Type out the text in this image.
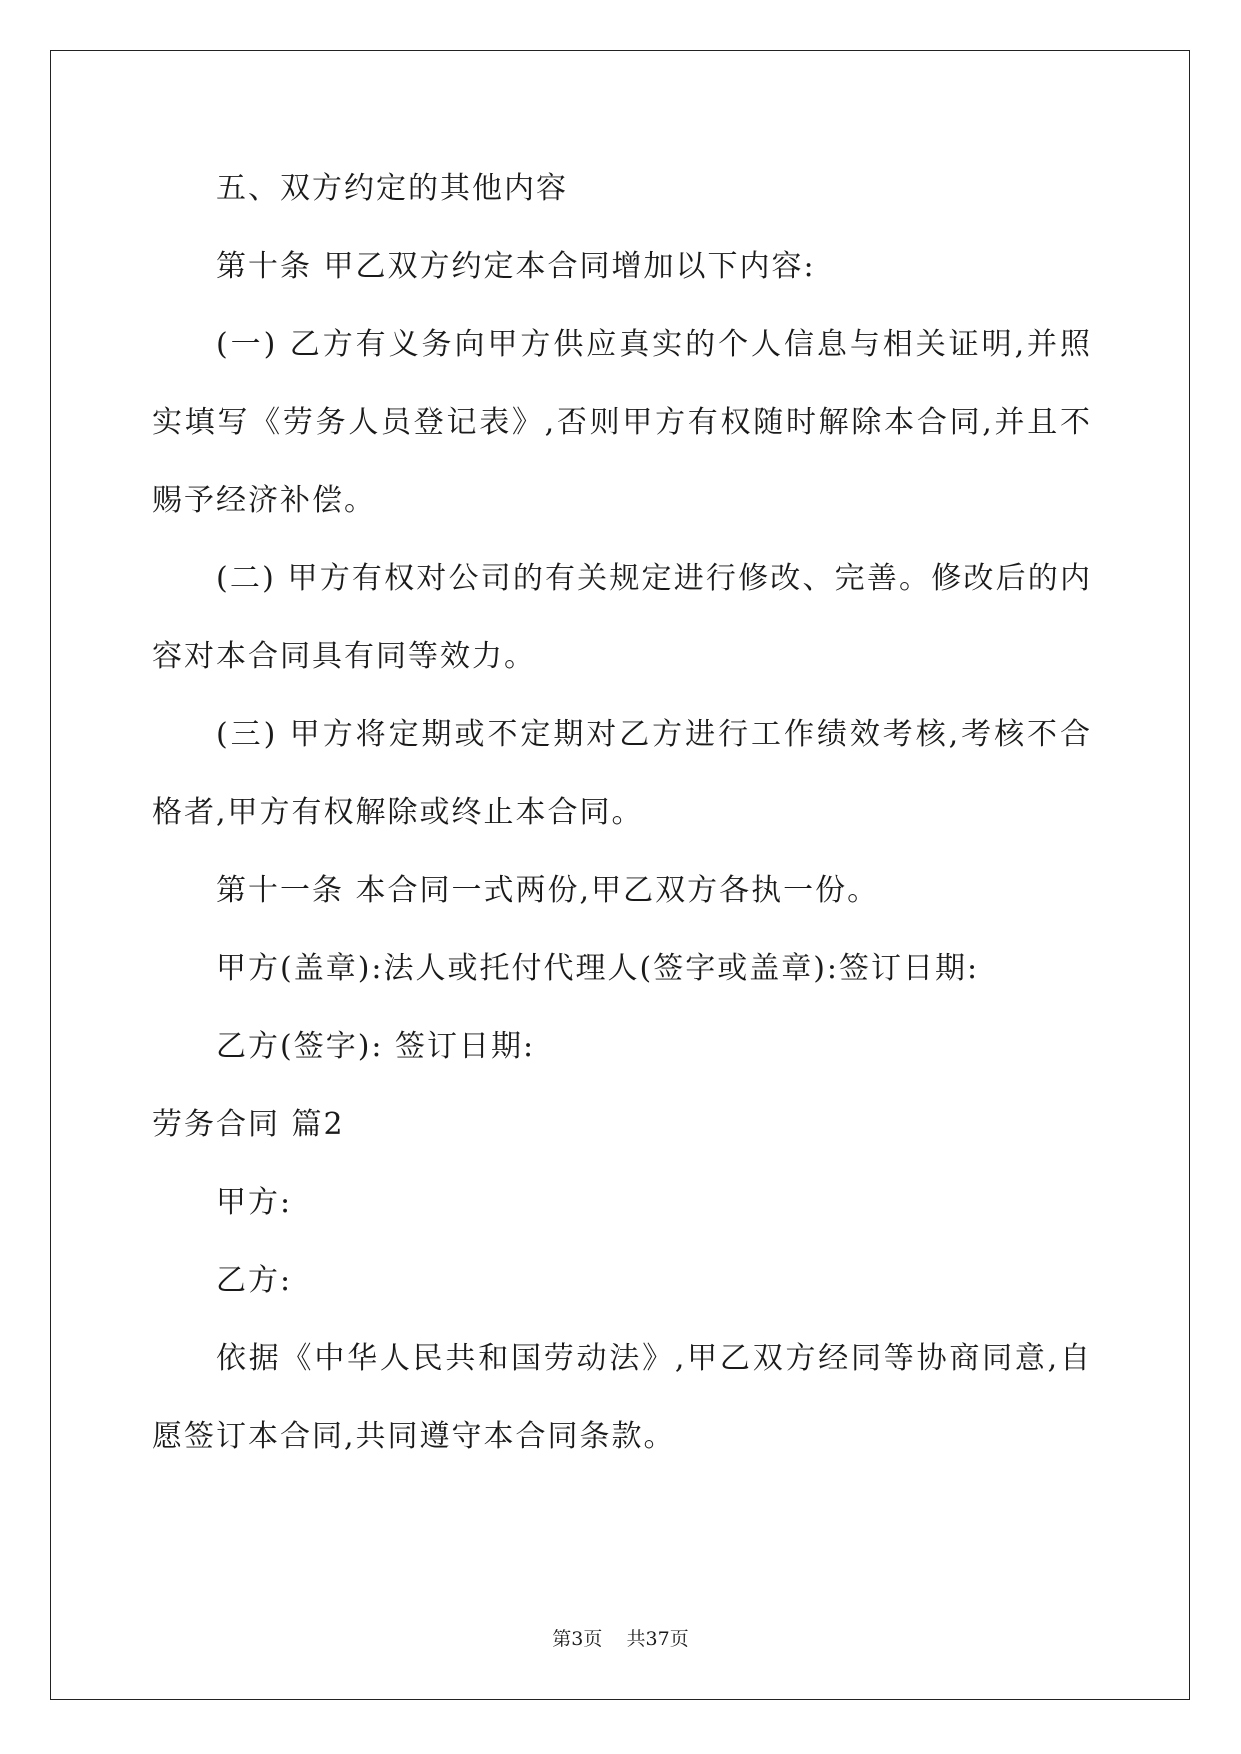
五、双方约定的其他内容

第十条 甲乙双方约定本合同增加以下内容:

(一) 乙方有义务向甲方供应真实的个人信息与相关证明,并照实填写《劳务人员登记表》,否则甲方有权随时解除本合同,并且不赐予经济补偿。

(二) 甲方有权对公司的有关规定进行修改、完善。修改后的内容对本合同具有同等效力。

(三) 甲方将定期或不定期对乙方进行工作绩效考核,考核不合格者,甲方有权解除或终止本合同。

第十一条 本合同一式两份,甲乙双方各执一份。

甲方(盖章):法人或托付代理人(签字或盖章):签订日期:

乙方(签字): 签订日期:

劳务合同 篇2

甲方:

乙方:

依据《中华人民共和国劳动法》,甲乙双方经同等协商同意,自愿签订本合同,共同遵守本合同条款。

第3页 共37页
